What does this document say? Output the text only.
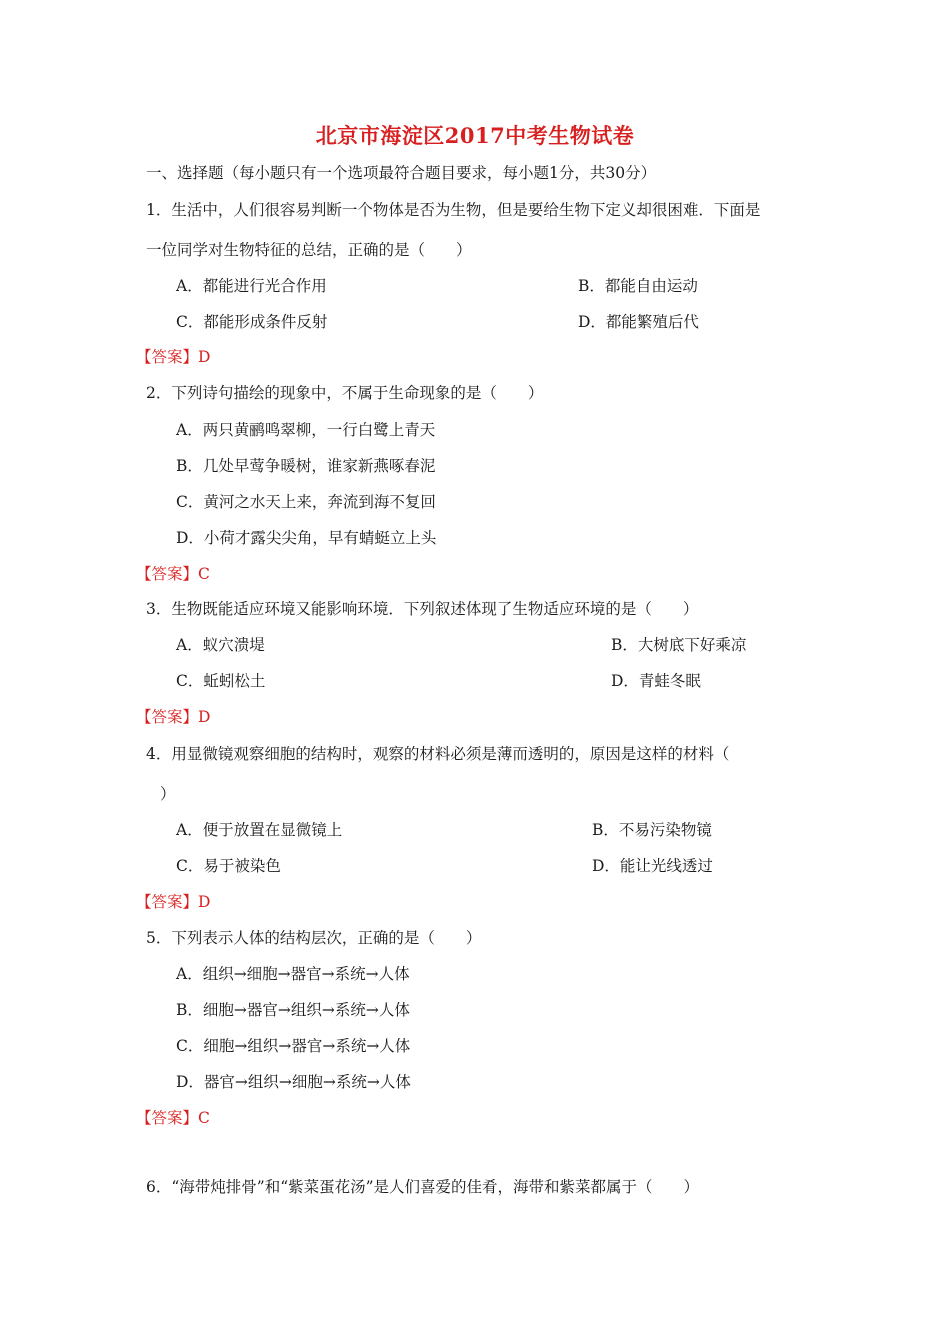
北京市海淀区2017中考生物试卷
一、选择题（每小题只有一个选项最符合题目要求，每小题1分，共30分）
1．生活中，人们很容易判断一个物体是否为生物，但是要给生物下定义却很困难．下面是
一位同学对生物特征的总结，正确的是（　　）
A．都能进行光合作用	B．都能自由运动
C．都能形成条件反射	D．都能繁殖后代
【答案】D
2．下列诗句描绘的现象中，不属于生命现象的是（　　）
A．两只黄鹂鸣翠柳，一行白鹭上青天
B．几处早莺争暖树，谁家新燕啄春泥
C．黄河之水天上来，奔流到海不复回
D．小荷才露尖尖角，早有蜻蜓立上头
【答案】C
3．生物既能适应环境又能影响环境．下列叙述体现了生物适应环境的是（　　）
A．蚁穴溃堤	B．大树底下好乘凉
C．蚯蚓松土	D．青蛙冬眠
【答案】D
4．用显微镜观察细胞的结构时，观察的材料必须是薄而透明的，原因是这样的材料（
）
A．便于放置在显微镜上	B．不易污染物镜
C．易于被染色	D．能让光线透过
【答案】D
5．下列表示人体的结构层次，正确的是（　　）
A．组织→细胞→器官→系统→人体
B．细胞→器官→组织→系统→人体
C．细胞→组织→器官→系统→人体
D．器官→组织→细胞→系统→人体
【答案】C
6．“海带炖排骨”和“紫菜蛋花汤”是人们喜爱的佳肴，海带和紫菜都属于（　　）
